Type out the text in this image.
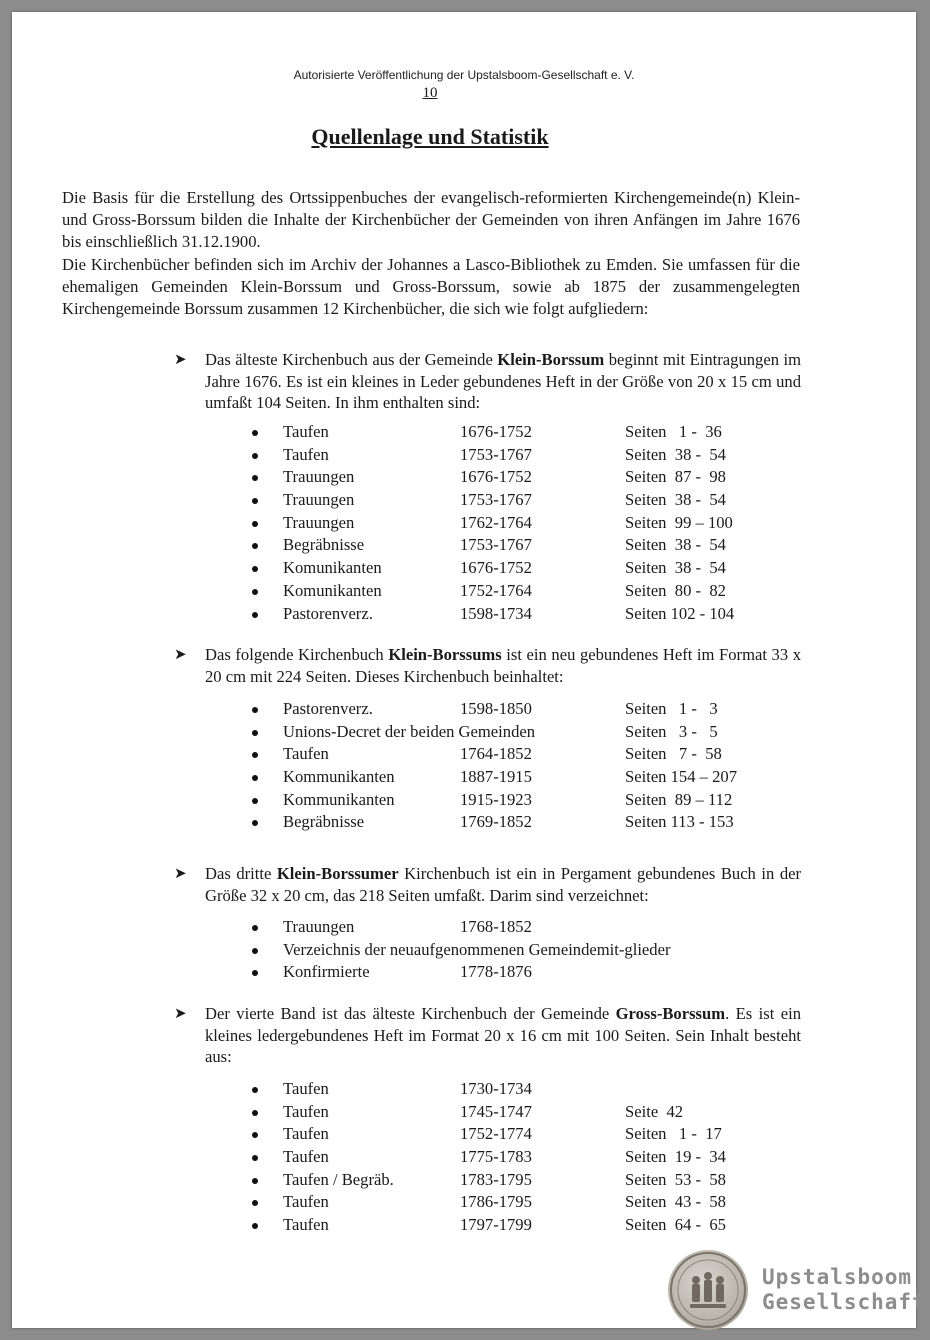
Autorisierte Veröffentlichung der Upstalsboom-Gesellschaft e. V.
10
Quellenlage und Statistik

Die Basis für die Erstellung des Ortssippenbuches der evangelisch-reformierten Kirchengemeinde(n) Klein- und Gross-Borssum bilden die Inhalte der Kirchenbücher der Gemeinden von ihren Anfängen im Jahre 1676 bis einschließlich 31.12.1900.

Die Kirchenbücher befinden sich im Archiv der Johannes a Lasco-Bibliothek zu Emden. Sie umfassen für die ehemaligen Gemeinden Klein-Borssum und Gross-Borssum, sowie ab 1875 der zusammengelegten Kirchengemeinde Borssum zusammen 12 Kirchenbücher, die sich wie folgt aufgliedern:

➤ Das älteste Kirchenbuch aus der Gemeinde Klein-Borssum beginnt mit Eintragungen im Jahre 1676. Es ist ein kleines in Leder gebundenes Heft in der Größe von 20 x 15 cm und umfaßt 104 Seiten. In ihm enthalten sind:
Taufen	1676-1752	Seiten   1 -  36
Taufen	1753-1767	Seiten  38 -  54
Trauungen	1676-1752	Seiten  87 -  98
Trauungen	1753-1767	Seiten  38 -  54
Trauungen	1762-1764	Seiten  99 – 100
Begräbnisse	1753-1767	Seiten  38 -  54
Komunikanten	1676-1752	Seiten  38 -  54
Komunikanten	1752-1764	Seiten  80 -  82
Pastorenverz.	1598-1734	Seiten 102 - 104
➤ Das folgende Kirchenbuch Klein-Borssums ist ein neu gebundenes Heft im Format 33 x 20 cm mit 224 Seiten. Dieses Kirchenbuch beinhaltet:
Pastorenverz.	1598-1850	Seiten   1 -   3
Unions-Decret der beiden Gemeinden	Seiten   3 -   5
Taufen	1764-1852	Seiten   7 -  58
Kommunikanten	1887-1915	Seiten 154 – 207
Kommunikanten	1915-1923	Seiten  89 – 112
Begräbnisse	1769-1852	Seiten 113 - 153
➤ Das dritte Klein-Borssumer Kirchenbuch ist ein in Pergament gebundenes Buch in der Größe 32 x 20 cm, das 218 Seiten umfaßt. Darim sind verzeichnet:
Trauungen	1768-1852
Verzeichnis der neuaufgenommenen Gemeindemit-glieder
Konfirmierte	1778-1876
➤ Der vierte Band ist das älteste Kirchenbuch der Gemeinde Gross-Borssum. Es ist ein kleines ledergebundenes Heft im Format 20 x 16 cm mit 100 Seiten. Sein Inhalt besteht aus:
Taufen	1730-1734
Taufen	1745-1747	Seite  42
Taufen	1752-1774	Seiten   1 -  17
Taufen	1775-1783	Seiten  19 -  34
Taufen / Begräb.	1783-1795	Seiten  53 -  58
Taufen	1786-1795	Seiten  43 -  58
Taufen	1797-1799	Seiten  64 -  65
Upstalsboom
Gesellschaft
